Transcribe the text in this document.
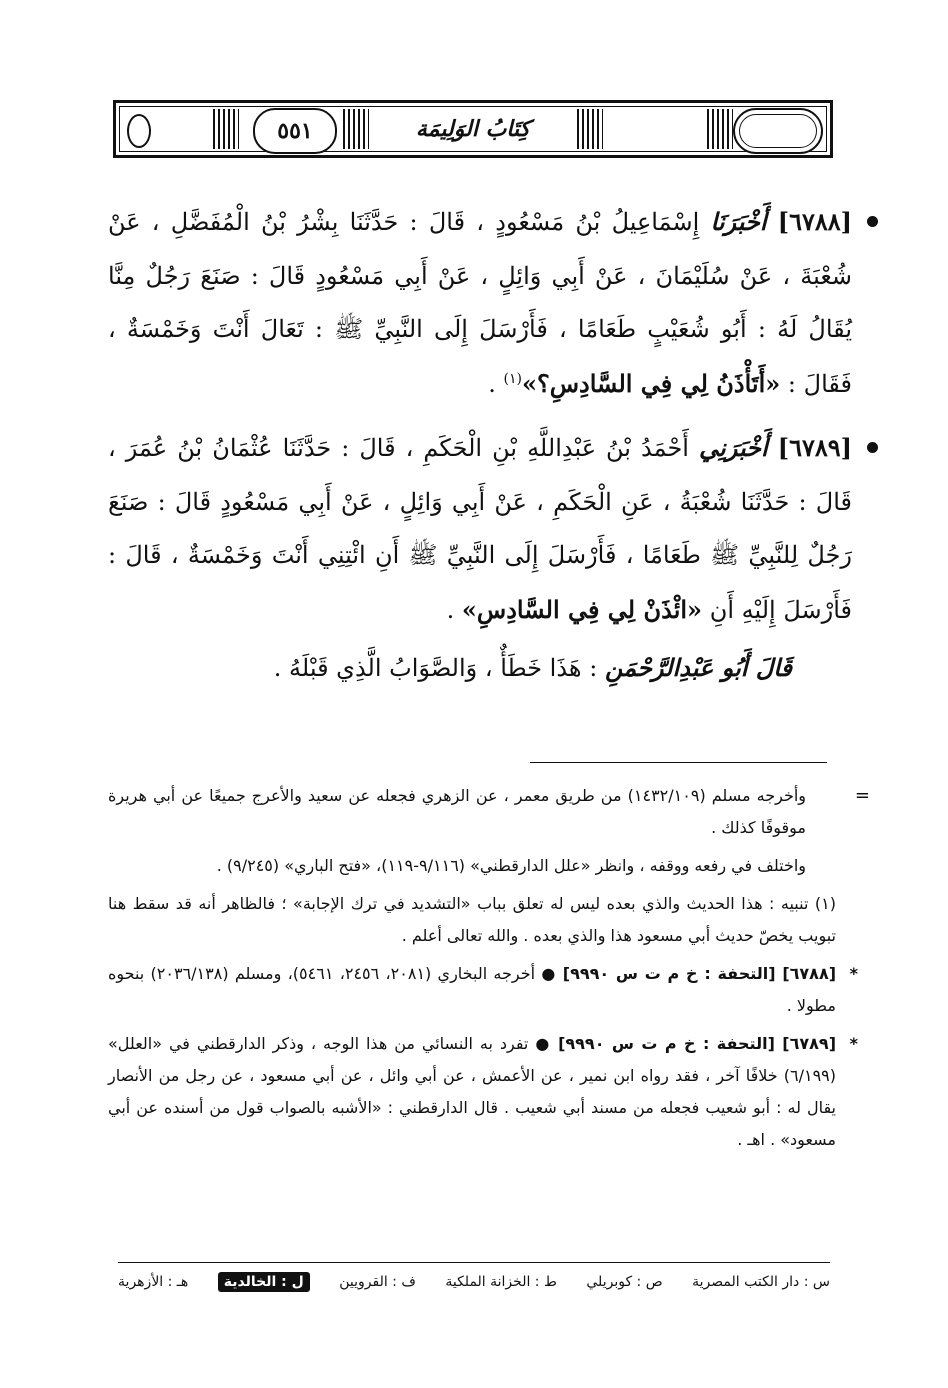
٥٥١	كِتَابُ الوَلِيمَة

[٦٧٨٨] أَخْبَرَنَا إِسْمَاعِيلُ بْنُ مَسْعُودٍ ، قَالَ : حَدَّثَنَا بِشْرُ بْنُ الْمُفَضَّلِ ، عَنْ شُعْبَةَ ، عَنْ سُلَيْمَانَ ، عَنْ أَبِي وَائِلٍ ، عَنْ أَبِي مَسْعُودٍ قَالَ : صَنَعَ رَجُلٌ مِنَّا يُقَالُ لَهُ : أَبُو شُعَيْبٍ طَعَامًا ، فَأَرْسَلَ إِلَى النَّبِيِّ ﷺ : تَعَالَ أَنْتَ وَخَمْسَةٌ ، فَقَالَ : «أَتَأْذَنُ لِي فِي السَّادِسِ؟»$^{(١)}$ .

[٦٧٨٩] أَخْبَرَنِي أَحْمَدُ بْنُ عَبْدِاللَّهِ بْنِ الْحَكَمِ ، قَالَ : حَدَّثَنَا عُثْمَانُ بْنُ عُمَرَ ، قَالَ : حَدَّثَنَا شُعْبَةُ ، عَنِ الْحَكَمِ ، عَنْ أَبِي وَائِلٍ ، عَنْ أَبِي مَسْعُودٍ قَالَ : صَنَعَ رَجُلٌ لِلنَّبِيِّ ﷺ طَعَامًا ، فَأَرْسَلَ إِلَى النَّبِيِّ ﷺ أَنِ ائْتِنِي أَنْتَ وَخَمْسَةٌ ، قَالَ : فَأَرْسَلَ إِلَيْهِ أَنِ «ائْذَنْ لِي فِي السَّادِسِ» .
قَالَ أَبُو عَبْدِالرَّحْمَنِ : هَذَا خَطَأٌ ، وَالصَّوَابُ الَّذِي قَبْلَهُ .

=
وأخرجه مسلم (١٤٣٢/١٠٩) من طريق معمر ، عن الزهري فجعله عن سعيد والأعرج جميعًا عن أبي هريرة موقوفًا كذلك .

واختلف في رفعه ووقفه ، وانظر «علل الدارقطني» (٩/١١٦-١١٩)، «فتح الباري» (٩/٢٤٥) .

(١) تنبيه : هذا الحديث والذي بعده ليس له تعلق بباب «التشديد في ترك الإجابة» ؛ فالظاهر أنه قد سقط هنا تبويب يخصّ حديث أبي مسعود هذا والذي بعده . والله تعالى أعلم .

*
[٦٧٨٨] [التحفة : خ م ت س ٩٩٩٠] ● أخرجه البخاري (٢٠٨١، ٢٤٥٦، ٥٤٦١)، ومسلم (٢٠٣٦/١٣٨) بنحوه مطولا .

*
[٦٧٨٩] [التحفة : خ م ت س ٩٩٩٠] ● تفرد به النسائي من هذا الوجه ، وذكر الدارقطني في «العلل» (٦/١٩٩) خلافًا آخر ، فقد رواه ابن نمير ، عن الأعمش ، عن أبي وائل ، عن أبي مسعود ، عن رجل من الأنصار يقال له : أبو شعيب فجعله من مسند أبي شعيب . قال الدارقطني : «الأشبه بالصواب قول من أسنده عن أبي مسعود» . اهـ .

س : دار الكتب المصرية
ص : كوبريلي
ط : الخزانة الملكية
ف : القرويين
ل : الخالدية
هـ : الأزهرية
